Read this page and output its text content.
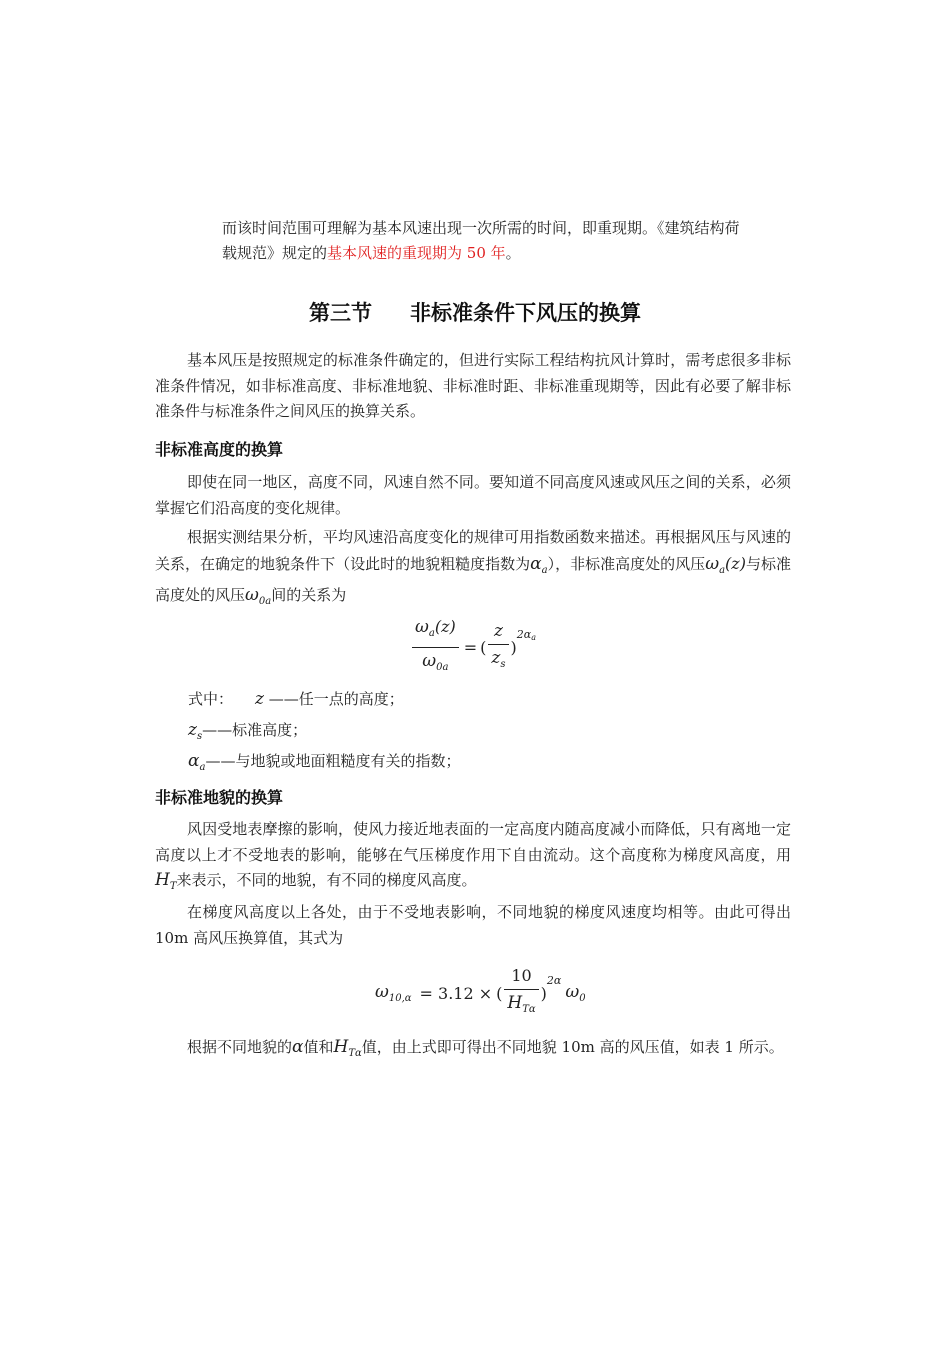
而该时间范围可理解为基本风速出现一次所需的时间，即重现期。《建筑结构荷

载规范》规定的基本风速的重现期为 50 年。

第三节 非标准条件下风压的换算

基本风压是按照规定的标准条件确定的，但进行实际工程结构抗风计算时，需考虑很多非标准条件情况，如非标准高度、非标准地貌、非标准时距、非标准重现期等，因此有必要了解非标准条件与标准条件之间风压的换算关系。

非标准高度的换算

即使在同一地区，高度不同，风速自然不同。要知道不同高度风速或风压之间的关系，必须掌握它们沿高度的变化规律。

根据实测结果分析，平均风速沿高度变化的规律可用指数函数来描述。再根据风压与风速的关系，在确定的地貌条件下（设此时的地貌粗糙度指数为$\alpha_a$），非标准高度处的风压$\omega_a(z)$与标准高度处的风压$\omega_{0a}$间的关系为

$\frac{\omega_a(z)}{\omega_{0a}}$ = ( $\frac{z}{z_s}$ )
2αa

式中： z ——任一点的高度；

$z_s——$标准高度；

$\alpha_a——$与地貌或地面粗糙度有关的指数；

非标准地貌的换算

风因受地表摩擦的影响，使风力接近地表面的一定高度内随高度减小而降低，只有离地一定高度以上才不受地表的影响，能够在气压梯度作用下自由流动。这个高度称为梯度风高度，用$H_T$来表示，不同的地貌，有不同的梯度风高度。

在梯度风高度以上各处，由于不受地表影响，不同地貌的梯度风速度均相等。由此可得出 10m 高风压换算值，其式为

$\omega_{10,\alpha} = 3.12$ × ( $\frac{10}{H_{T\alpha}}$ )
2α
$\omega_0$

根据不同地貌的α值和$H_{T\alpha}$值，由上式即可得出不同地貌 10m 高的风压值，如表 1 所示。
